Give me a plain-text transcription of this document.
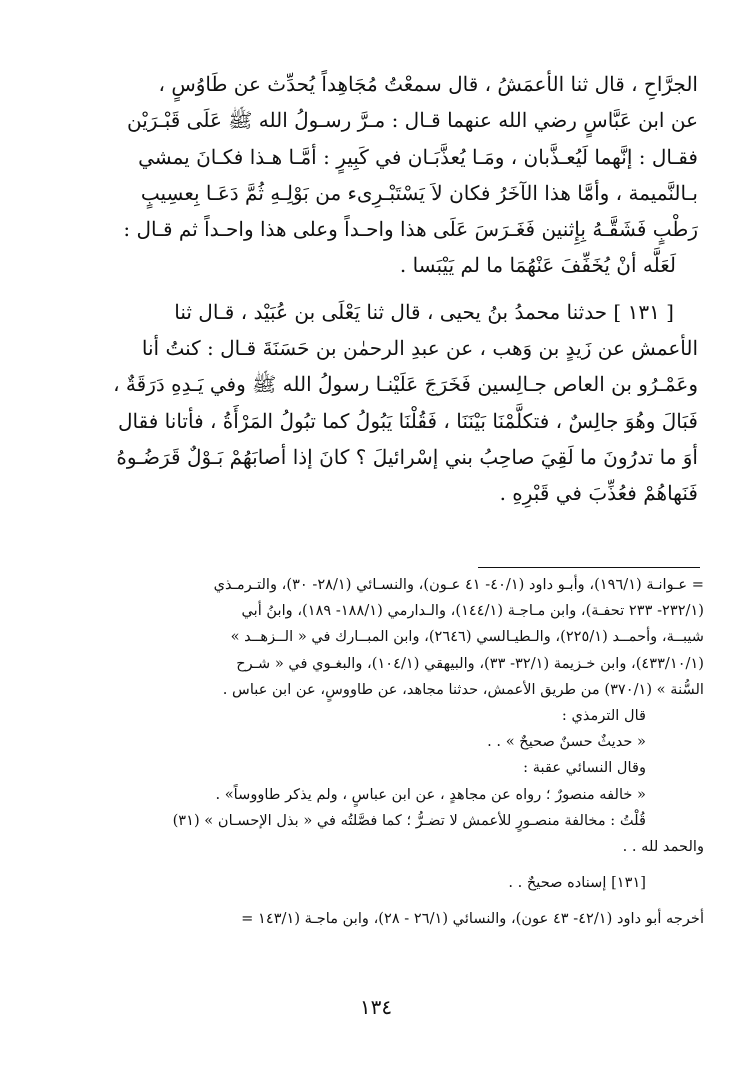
الجرَّاحِ ، قال ثنا الأعمَشُ ، قال سمعْتُ مُجَاهِداً يُحدِّث عن طَاوُسٍ ،
عن ابن عَبَّاسٍ رضي الله عنهما قـال : مـرَّ رسـولُ الله ﷺ عَلَى قَبْـرَيْن
فقـال : إنَّهما لَيُعـذَّبان ، ومَـا يُعذَّبَـان في كَبِيرٍ : أمَّـا هـذا فكـانَ يمشي
بـالنَّميمة ، وأمَّا هذا الآخَرُ فكان لاَ يَسْتَبْـرِىء من بَوْلِـهِ ثُمَّ دَعَـا بِعسِيبٍ
رَطْبٍ فَشَقَّـهُ بِإِثنين فَغَـرَسَ عَلَى هذا واحـداً وعلى هذا واحـداً ثم قـال :
لَعَلَّه أنْ يُخَفِّفَ عَنْهُمَا ما لم يَيْبَسا .
[ ١٣١ ] حدثنا محمدُ بنُ يحيى ، قال ثنا يَعْلَى بن عُبَيْد ، قـال ثنا
الأعمش عن زَيدٍ بن وَهب ، عن عبدِ الرحمٰن بن حَسَنَةَ قـال : كنتُ أنا
وعَمْـرُو بن العاص جـالِسين فَخَرَجَ عَلَيْنـا رسولُ الله ﷺ وفي يَـدِهِ دَرَقَةٌ ،
فَبَالَ وهُوَ جالِسٌ ، فتكلَّمْنَا بَيْنَنَا ، فَقُلْنَا يَبُولُ كما تبُولُ المَرْأَةُ ، فأتانا فقال
أوَ ما تدرُونَ ما لَقِيَ صاحِبُ بني إسْرائيلَ ؟ كانَ إذا أصابَهُمْ بَـوْلٌ قَرَضُـوهُ
فَنَهاهُمْ فعُذِّبَ في قَبْرِهِ .
= عـوانـة (١٩٦/١)، وأبـو داود (٤٠/١- ٤١ عـون)، والنسـائي (٢٨/١- ٣٠)، والتـرمـذي
(٢٣٢/١- ٢٣٣ تحفـة)، وابن مـاجـة (١٤٤/١)، والـدارمي (١٨٨/١- ١٨٩)، وابنُ أبي
شيبــة، وأحمــد (٢٢٥/١)، والـطيـالسي (٢٦٤٦)، وابن المبــارك في « الــزهــد »
(٤٣٣/١٠/١)، وابن خـزيمة (٣٢/١- ٣٣)، والبيهقي (١٠٤/١)، والبغـوي في « شـرح
السُّنة » (٣٧٠/١) من طريق الأعمش، حدثنا مجاهد، عن طاووسٍ، عن ابن عباس .
قال الترمذي :
« حديثٌ حسنٌ صحيحٌ » . .
وقال النسائي عقبة :
« خالفه منصورٌ ؛ رواه عن مجاهدٍ ، عن ابن عباسٍ ، ولم يذكر طاووساً» .
قُلْتُ : مخالفة منصـورٍ للأعمش لا تضـرُّ ؛ كما فصَّلتُه في « بذل الإحسـان » (٣١)
والحمد لله . .
[١٣١] إسناده صحيحٌ . .
أخرجه أبو داود (٤٢/١- ٤٣ عون)، والنسائي (٢٦/١ - ٢٨)، وابن ماجـة (١٤٣/١ =
١٣٤
